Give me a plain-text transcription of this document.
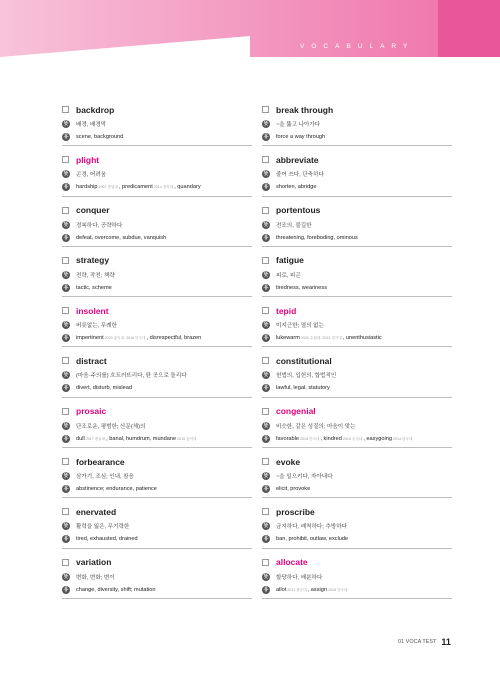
VOCABULARY
backdrop
뜻 배경, 배경막
유 scene, background
plight
뜻 곤경, 어려움
유 hardship2007 중앙대, predicament2014 경북대, quandary
conquer
뜻 정복하다, 공략하다
유 defeat, overcome, subdue, vanquish
strategy
뜻 전략, 작전; 책략
유 tactic, scheme
insolent
뜻 버릇없는, 무례한
유 impertinent2020 홍익대, 2016 단국대, disrespectful, brazen
distract
뜻 (마음·주의를) 흐트러뜨리다, 딴 곳으로 돌리다
유 divert, disturb, mislead
prosaic
뜻 단조로운, 평범한; 산문(체)의
유 dull2017 중앙대, banal, humdrum, mundane2015 홍익대
forbearance
뜻 삼가기, 조심; 인내, 참음
유 abstinence; endurance, patience
enervated
뜻 활력을 잃은, 무기력한
유 tired, exhausted, drained
variation
뜻 변화, 변화; 변이
유 change, diversity, shift; mutation
break through
뜻 ~을 뚫고 나아가다
유 force a way through
abbreviate
뜻 줄여 쓰다, 단축하다
유 shorten, abridge
portentous
뜻 전조의, 불길한
유 threatening, foreboding, ominous
fatigue
뜻 피로, 피곤
유 tiredness, weariness
tepid
뜻 미지근한; 열의 없는
유 lukewarm2020 수원대, 2013 경기대, unenthusiastic
constitutional
뜻 헌법의, 입헌의, 합법적인
유 lawful, legal, statutory
congenial
뜻 비슷한, 같은 성질의; 마음이 맞는
유 favorable2018 단국대, kindred2015 숭실대, easygoing2014 한국대
evoke
뜻 ~을 일으키다, 자아내다
유 elicit, provoke
proscribe
뜻 금지하다, 배척하다; 추방하다
유 ban, prohibit, outlaw, exclude
allocate
뜻 할당하다, 배분하다
유 allot2021 광운대, assign2016 단국대
01 VOCA TEST 11
